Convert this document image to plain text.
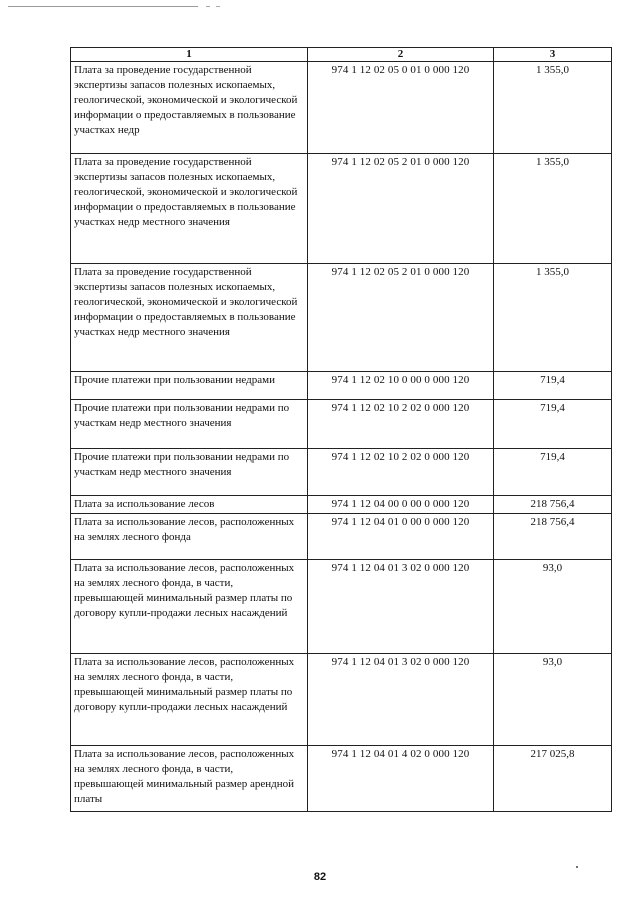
1	2	3
Плата за проведение государственной экспертизы запасов полезных ископаемых, геологической, экономической и экологической информации о предоставляемых в пользование участках недр	974 1 12 02 05 0 01 0 000 120	1 355,0
Плата за проведение государственной экспертизы запасов полезных ископаемых, геологической, экономической и экологической информации о предоставляемых в пользование участках недр местного значения	974 1 12 02 05 2 01 0 000 120	1 355,0
Плата за проведение государственной экспертизы запасов полезных ископаемых, геологической, экономической и экологической информации о предоставляемых в пользование участках недр местного значения	974 1 12 02 05 2 01 0 000 120	1 355,0
Прочие платежи при пользовании недрами	974 1 12 02 10 0 00 0 000 120	719,4
Прочие платежи при пользовании недрами по участкам недр местного значения	974 1 12 02 10 2 02 0 000 120	719,4
Прочие платежи при пользовании недрами по участкам недр местного значения	974 1 12 02 10 2 02 0 000 120	719,4
Плата за использование лесов	974 1 12 04 00 0 00 0 000 120	218 756,4
Плата за использование лесов, расположенных на землях лесного фонда	974 1 12 04 01 0 00 0 000 120	218 756,4
Плата за использование лесов, расположенных на землях лесного фонда, в части, превышающей минимальный размер платы по договору купли-продажи лесных насаждений	974 1 12 04 01 3 02 0 000 120	93,0
Плата за использование лесов, расположенных на землях лесного фонда, в части, превышающей минимальный размер платы по договору купли-продажи лесных насаждений	974 1 12 04 01 3 02 0 000 120	93,0
Плата за использование лесов, расположенных на землях лесного фонда, в части, превышающей минимальный размер арендной платы	974 1 12 04 01 4 02 0 000 120	217 025,8
82
